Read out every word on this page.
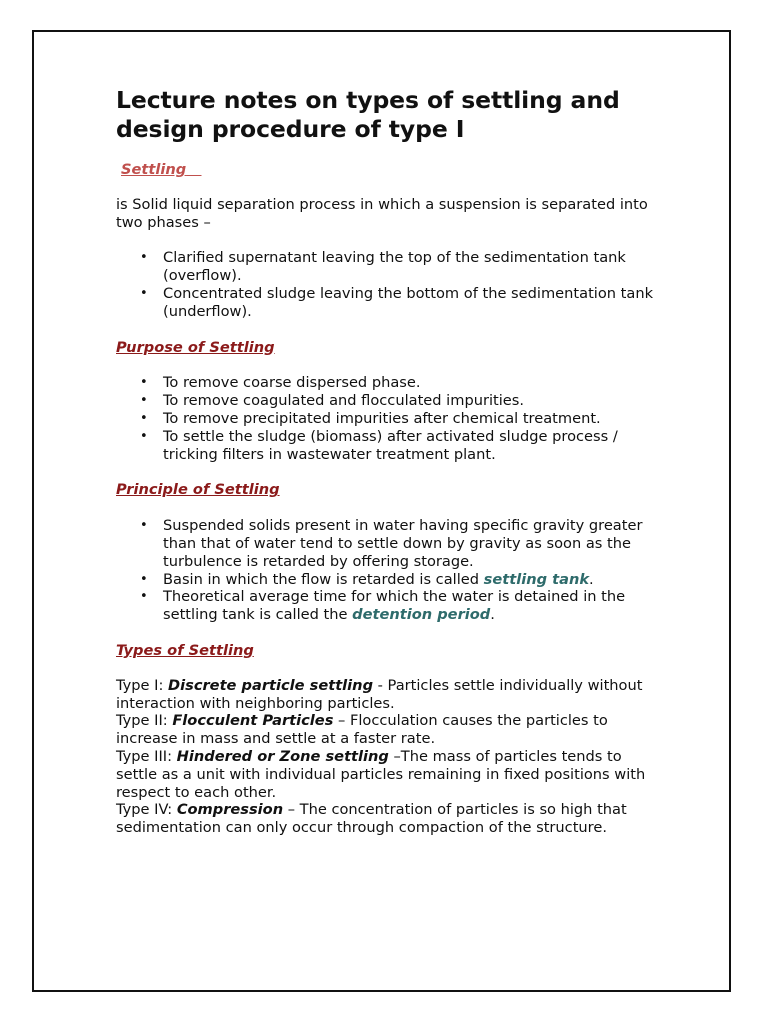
Lecture notes on types of settling and design procedure of type I
Settling

is Solid liquid separation process in which a suspension is separated into two phases –

• Clarified supernatant leaving the top of the sedimentation tank (overflow).
• Concentrated sludge leaving the bottom of the sedimentation tank (underflow).
Purpose of Settling
• To remove coarse dispersed phase.
• To remove coagulated and flocculated impurities.
• To remove precipitated impurities after chemical treatment.
• To settle the sludge (biomass) after activated sludge process / tricking filters in wastewater treatment plant.
Principle of Settling
• Suspended solids present in water having specific gravity greater than that of water tend to settle down by gravity as soon as the turbulence is retarded by offering storage.
• Basin in which the flow is retarded is called settling tank.
• Theoretical average time for which the water is detained in the settling tank is called the detention period.
Types of Settling

Type I: Discrete particle settling - Particles settle individually without interaction with neighboring particles.

Type II: Flocculent Particles – Flocculation causes the particles to increase in mass and settle at a faster rate.

Type III: Hindered or Zone settling –The mass of particles tends to settle as a unit with individual particles remaining in fixed positions with respect to each other.

Type IV: Compression – The concentration of particles is so high that sedimentation can only occur through compaction of the structure.
